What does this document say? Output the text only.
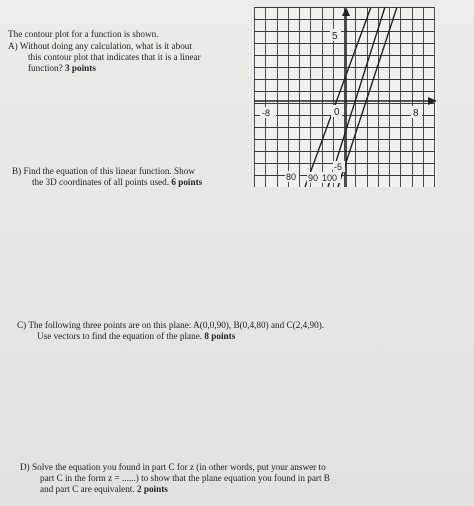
The contour plot for a function is shown.
A) Without doing any calculation, what is it about
this contour plot that indicates that it is a linear
function? 3 points
B) Find the equation of this linear function. Show
the 3D coordinates of all points used. 6 points
C) The following three points are on this plane: A(0,0,90), B(0,4,80) and C(2,4,90).
Use vectors to find the equation of the plane. 8 points
D) Solve the equation you found in part C for z (in other words, put your answer to
part C in the form z = ......) to show that the plane equation you found in part B
and part C are equivalent. 2 points
5
-8	0	8
-5
80 90 100
